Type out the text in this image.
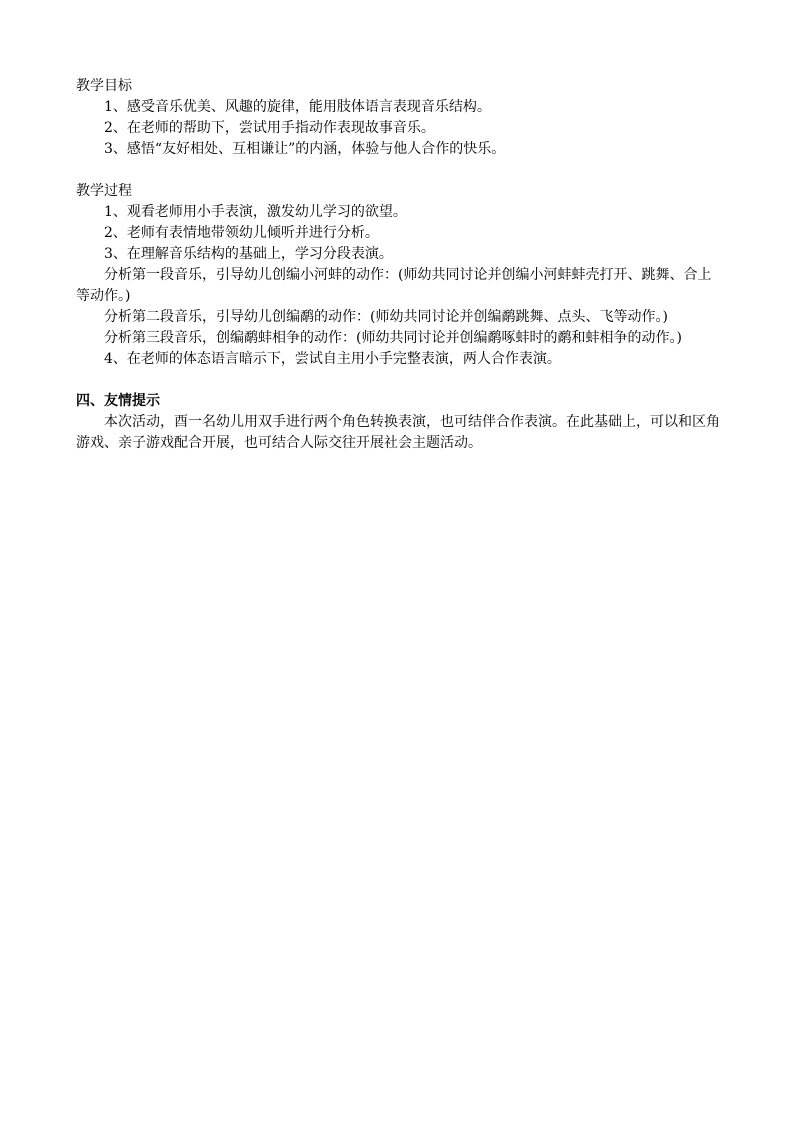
教学目标

1、感受音乐优美、风趣的旋律，能用肢体语言表现音乐结构。

2、在老师的帮助下，尝试用手指动作表现故事音乐。

3、感悟“友好相处、互相谦让”的内涵，体验与他人合作的快乐。

教学过程

1、观看老师用小手表演，激发幼儿学习的欲望。

2、老师有表情地带领幼儿倾听并进行分析。

3、在理解音乐结构的基础上，学习分段表演。

分析第一段音乐，引导幼儿创编小河蚌的动作：(师幼共同讨论并创编小河蚌蚌壳打开、跳舞、合上等动作。)

分析第二段音乐，引导幼儿创编鹬的动作：(师幼共同讨论并创编鹬跳舞、点头、飞等动作。)

分析第三段音乐，创编鹬蚌相争的动作：(师幼共同讨论并创编鹬啄蚌时的鹬和蚌相争的动作。)

4、在老师的体态语言暗示下，尝试自主用小手完整表演，两人合作表演。

四、友情提示

本次活动，酉一名幼儿用双手进行两个角色转换表演，也可结伴合作表演。在此基础上，可以和区角游戏、亲子游戏配合开展，也可结合人际交往开展社会主题活动。
